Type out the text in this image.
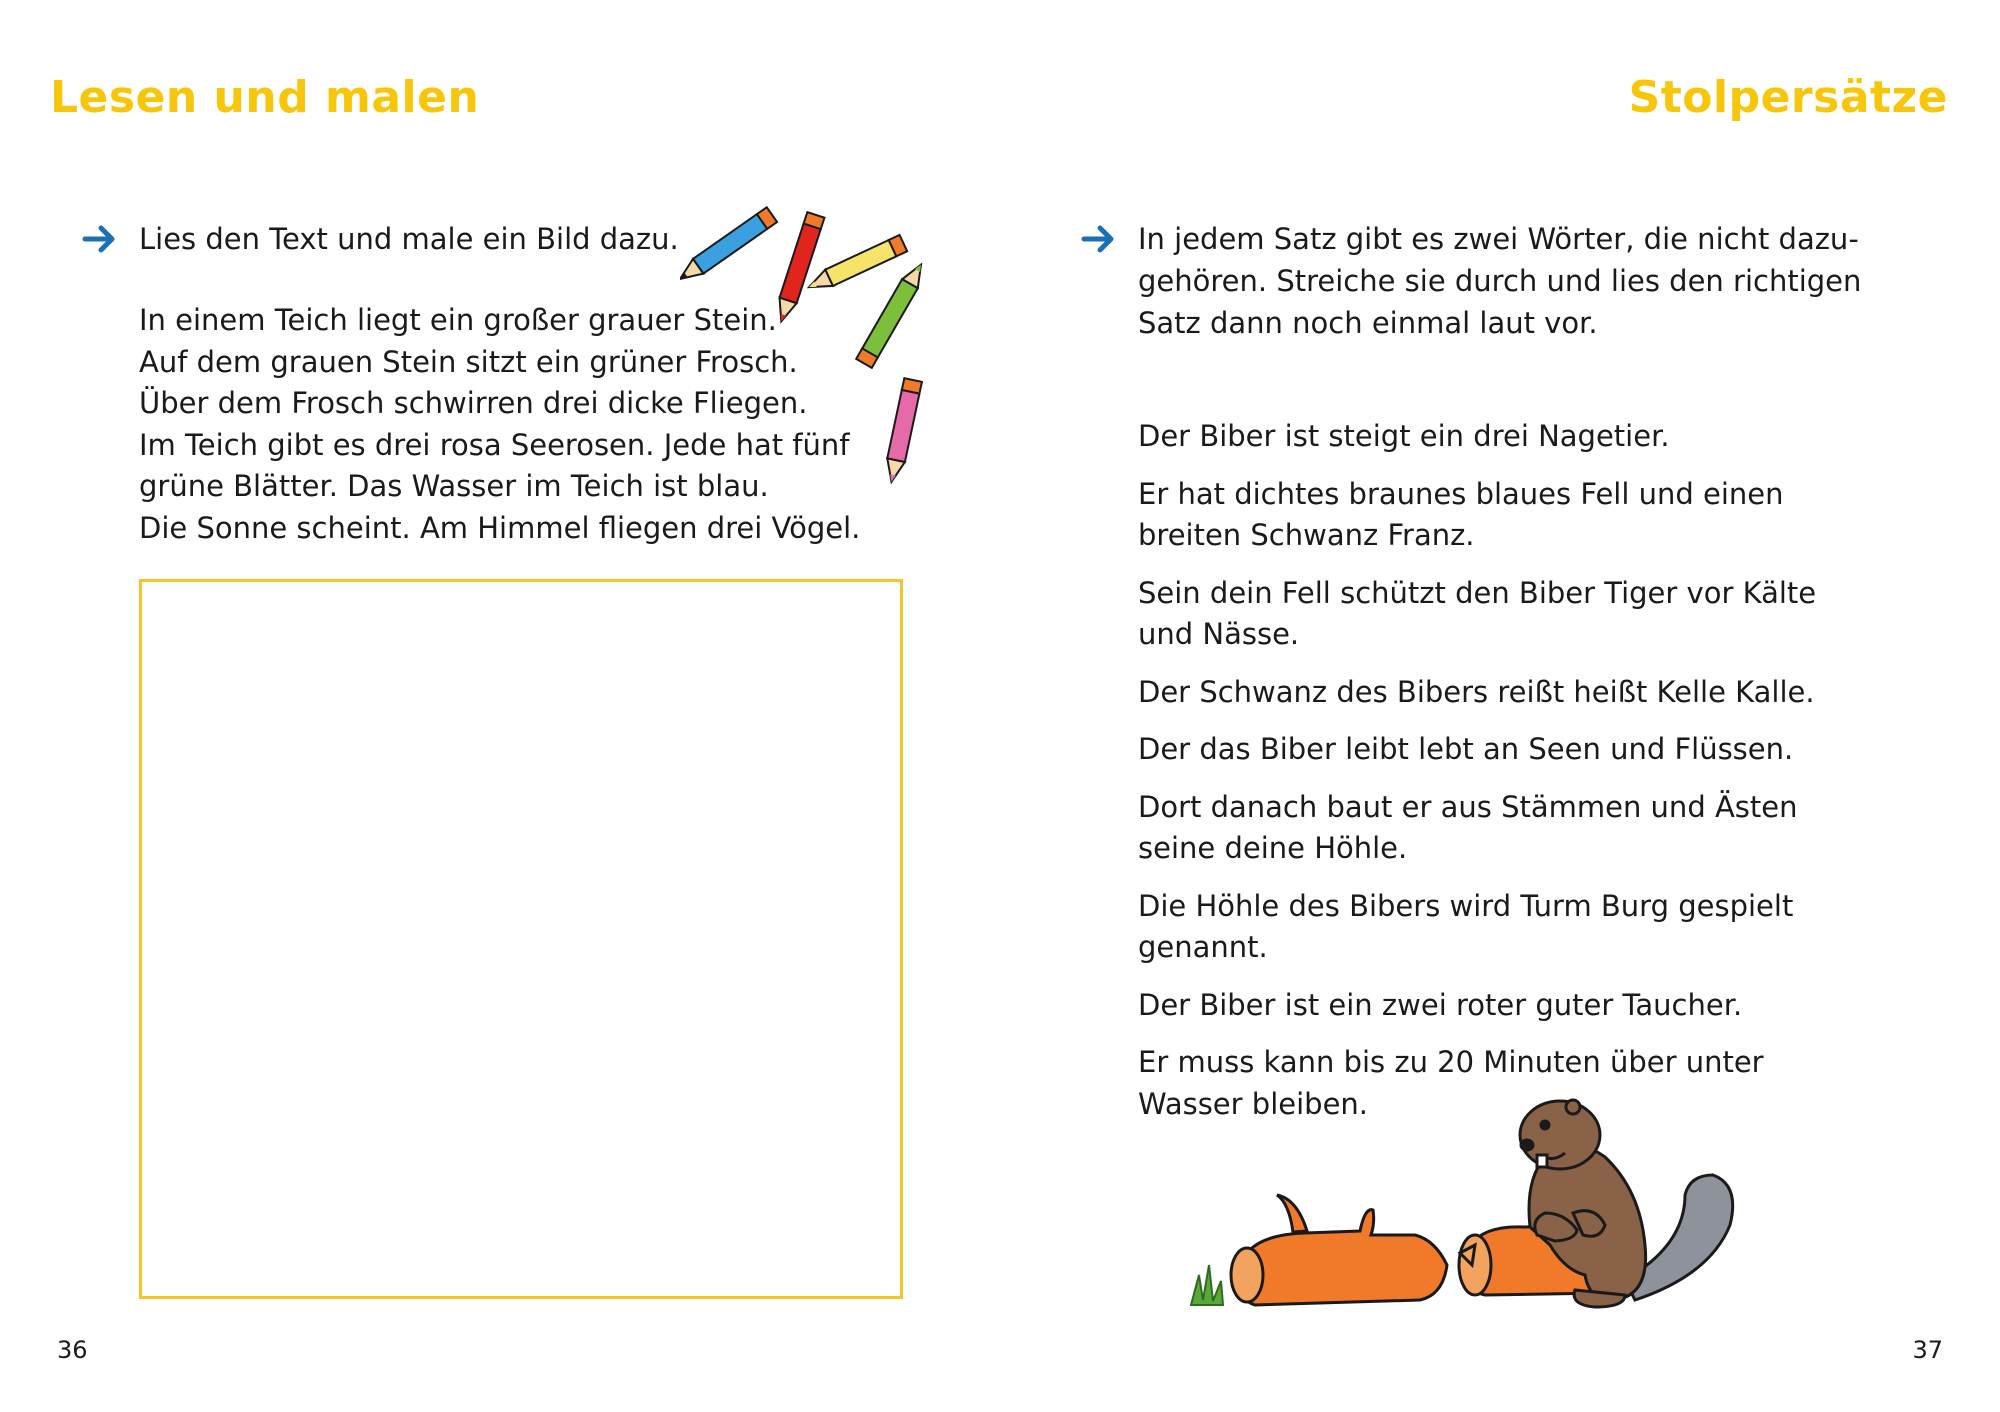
Lesen und malen
Lies den Text und male ein Bild dazu.
In einem Teich liegt ein großer grauer Stein.
Auf dem grauen Stein sitzt ein grüner Frosch.
Über dem Frosch schwirren drei dicke Fliegen.
Im Teich gibt es drei rosa Seerosen. Jede hat fünf
grüne Blätter. Das Wasser im Teich ist blau.
Die Sonne scheint. Am Himmel fliegen drei Vögel.
36
Stolpersätze
In jedem Satz gibt es zwei Wörter, die nicht dazu-
gehören. Streiche sie durch und lies den richtigen
Satz dann noch einmal laut vor.
Der Biber ist steigt ein drei Nagetier.
Er hat dichtes braunes blaues Fell und einen
breiten Schwanz Franz.
Sein dein Fell schützt den Biber Tiger vor Kälte
und Nässe.
Der Schwanz des Bibers reißt heißt Kelle Kalle.
Der das Biber leibt lebt an Seen und Flüssen.
Dort danach baut er aus Stämmen und Ästen
seine deine Höhle.
Die Höhle des Bibers wird Turm Burg gespielt
genannt.
Der Biber ist ein zwei roter guter Taucher.
Er muss kann bis zu 20 Minuten über unter
Wasser bleiben.
37
